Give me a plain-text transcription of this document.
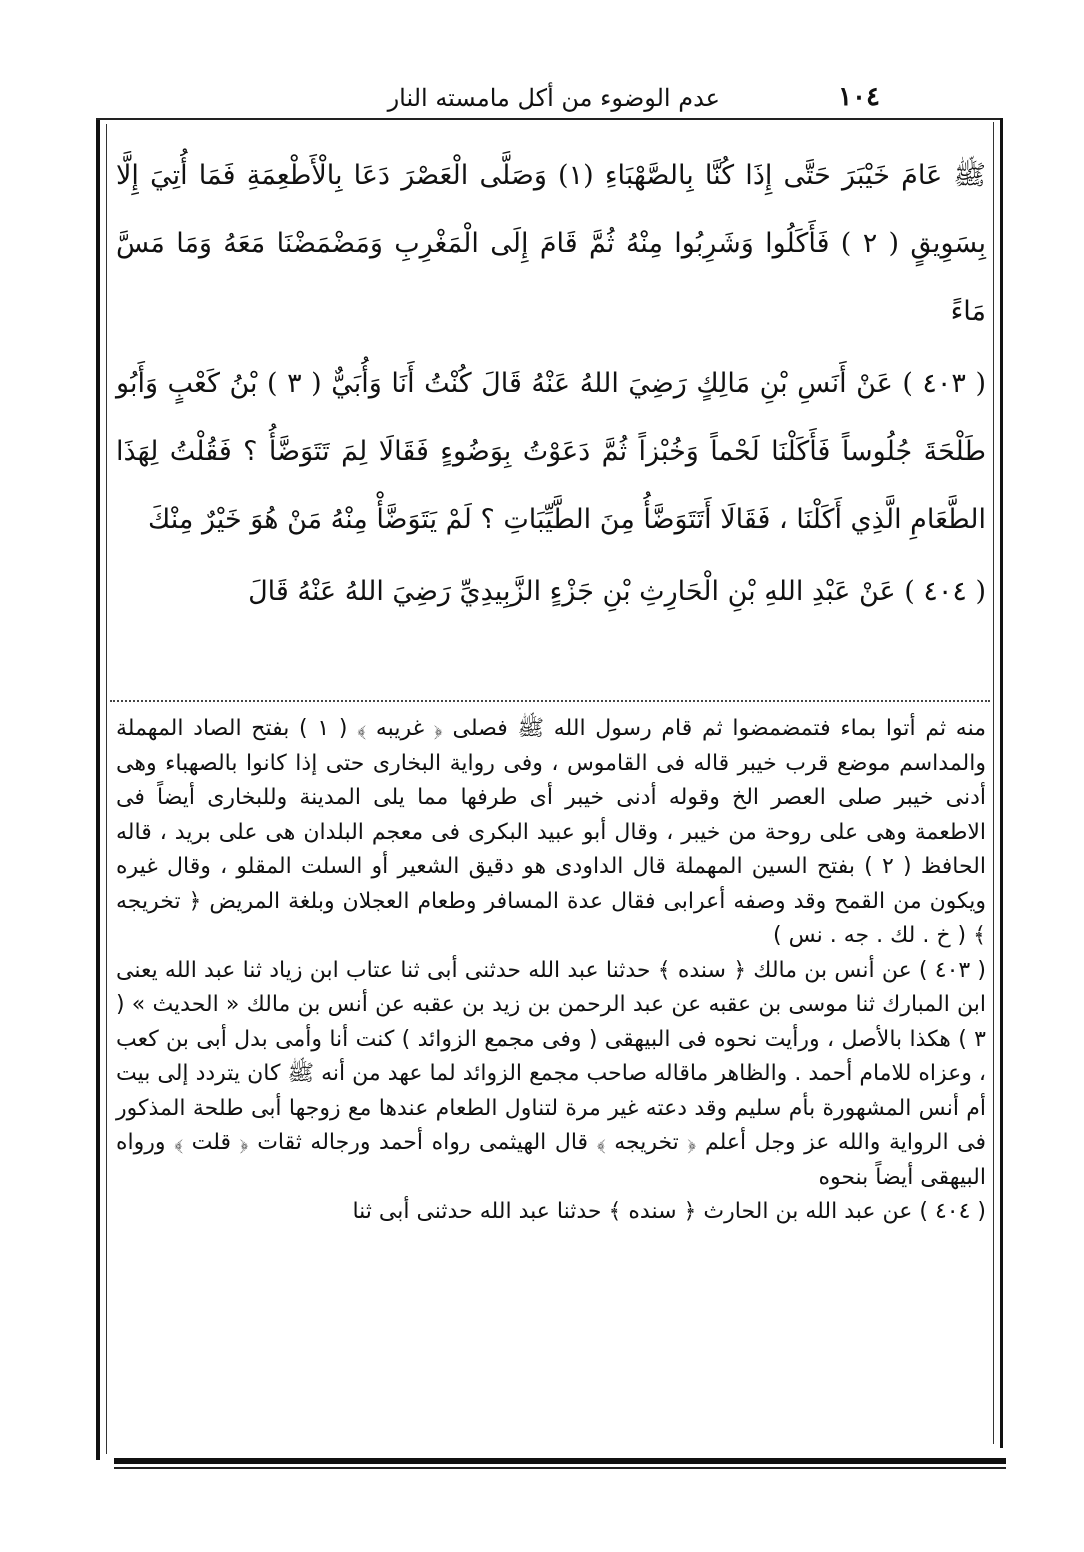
١٠٤
عدم الوضوء من أكل مامسته النار

ﷺ عَامَ خَيْبَرَ حَتَّى إِذَا كُنَّا بِالصَّهْبَاءِ (١) وَصَلَّى الْعَصْرَ دَعَا بِالْأَطْعِمَةِ فَمَا أُتِيَ إِلَّا بِسَوِيقٍ ( ٢ ) فَأَكَلُوا وَشَرِبُوا مِنْهُ ثُمَّ قَامَ إِلَى الْمَغْرِبِ وَمَضْمَضْنَا مَعَهُ وَمَا مَسَّ مَاءً

( ٤٠٣ ) عَنْ أَنَسِ بْنِ مَالِكٍ رَضِيَ اللهُ عَنْهُ قَالَ كُنْتُ أَنَا وَأُبَيٌّ ( ٣ ) بْنُ كَعْبٍ وَأَبُو طَلْحَةَ جُلُوساً فَأَكَلْنَا لَحْماً وَخُبْزاً ثُمَّ دَعَوْتُ بِوَضُوءٍ فَقَالَا لِمَ تَتَوَضَّأُ ؟ فَقُلْتُ لِهَذَا الطَّعَامِ الَّذِي أَكَلْنَا ، فَقَالَا أَتَتَوَضَّأُ مِنَ الطَّيِّبَاتِ ؟ لَمْ يَتَوَضَّأْ مِنْهُ مَنْ هُوَ خَيْرٌ مِنْكَ

( ٤٠٤ ) عَنْ عَبْدِ اللهِ بْنِ الْحَارِثِ بْنِ جَزْءٍ الزَّبِيدِيِّ رَضِيَ اللهُ عَنْهُ قَالَ

منه ثم أتوا بماء فتمضمضوا ثم قام رسول الله ﷺ فصلى ﴿ غريبه ﴾ ( ١ ) بفتح الصاد المهملة والمداسم موضع قرب خيبر قاله فى القاموس ، وفى رواية البخارى حتى إذا كانوا بالصهباء وهى أدنى خيبر صلى العصر الخ وقوله أدنى خيبر أى طرفها مما يلى المدينة وللبخارى أيضاً فى الاطعمة وهى على روحة من خيبر ، وقال أبو عبيد البكرى فى معجم البلدان هى على بريد ، قاله الحافظ ( ٢ ) بفتح السين المهملة قال الداودى هو دقيق الشعير أو السلت المقلو ، وقال غيره ويكون من القمح وقد وصفه أعرابى فقال عدة المسافر وطعام العجلان وبلغة المريض ﴿ تخريجه ﴾ ( خ . لك . جه . نس )

( ٤٠٣ ) عن أنس بن مالك ﴿ سنده ﴾ حدثنا عبد الله حدثنى أبى ثنا عتاب ابن زياد ثنا عبد الله يعنى ابن المبارك ثنا موسى بن عقبه عن عبد الرحمن بن زيد بن عقبه عن أنس بن مالك « الحديث » ( ٣ ) هكذا بالأصل ، ورأيت نحوه فى البيهقى ( وفى مجمع الزوائد ) كنت أنا وأمى بدل أبى بن كعب ، وعزاه للامام أحمد . والظاهر ماقاله صاحب مجمع الزوائد لما عهد من أنه ﷺ كان يتردد إلى بيت أم أنس المشهورة بأم سليم وقد دعته غير مرة لتناول الطعام عندها مع زوجها أبى طلحة المذكور فى الرواية والله عز وجل أعلم ﴿ تخريجه ﴾ قال الهيثمى رواه أحمد ورجاله ثقات ﴿ قلت ﴾ ورواه البيهقى أيضاً بنحوه

( ٤٠٤ ) عن عبد الله بن الحارث ﴿ سنده ﴾ حدثنا عبد الله حدثنى أبى ثنا
